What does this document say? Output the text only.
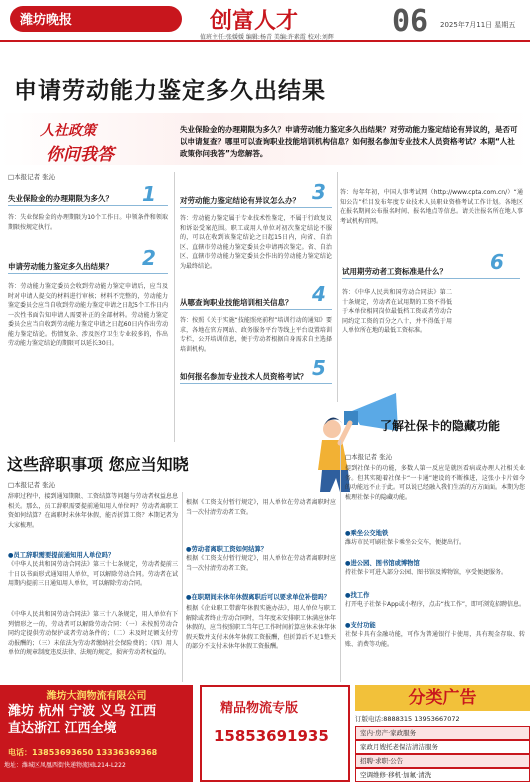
潍坊晚报	创富人才	06 2025年7月11日 星期五
值班主任:张媛媛 编辑:杨青 美编:许素霞 校对:刘辉
申请劳动能力鉴定多久出结果
人社政策
你问我答
失业保险金的办理期限为多久？申请劳动能力鉴定多久出结果？对劳动能力鉴定结论有异议的，是否可以申请复查？哪里可以查询职业技能培训机构信息？如何报名参加专业技术人员资格考试？本期“人社政策你问我答”为您解答。
□本报记者 张沁
1
失业保险金的办理期限为多久？
答：失业保险金的办理期限为10个工作日。申领条件和领取期限按规定执行。
2
申请劳动能力鉴定多久出结果？
答：劳动能力鉴定委员会收到劳动能力鉴定申请后，应当及时对申请人提交的材料进行审核；材料不完整的，劳动能力鉴定委员会应当自收到劳动能力鉴定申请之日起5个工作日内一次性书面告知申请人需要补正的全部材料。劳动能力鉴定委员会应当自收到劳动能力鉴定申请之日起60日内作出劳动能力鉴定结论。伤情复杂、涉及医疗卫生专业较多的，作出劳动能力鉴定结论的期限可以延长30日。
3
对劳动能力鉴定结论有异议怎么办？
答：劳动能力鉴定属于专业技术性鉴定，不属于行政复议和诉讼受案范围。职工或用人单位对初次鉴定结论不服的，可以在收到该鉴定结论之日起15日内，向省、自治区、直辖市劳动能力鉴定委员会申请再次鉴定。省、自治区、直辖市劳动能力鉴定委员会作出的劳动能力鉴定结论为最终结论。
4
从哪查询职业技能培训相关信息？
答：按照《关于实施“技能照亮前程”培训行动的通知》要求，各地在官方网站、政务服务平台等线上平台设置培训专栏，公开培训信息，便于劳动者根据自身需求自主选择培训机构。
5
如何报名参加专业技术人员资格考试？
答：每年年初，中国人事考试网（http://www.cpta.com.cn/）“通知公告”栏目发布年度专业技术人员职业资格考试工作计划。各地区在报名期间公布报名时间、报名地点等信息。请关注报名所在地人事考试机构官网。
6
试用期劳动者工资标准是什么？
答：《中华人民共和国劳动合同法》第二十条规定，劳动者在试用期的工资不得低于本单位相同岗位最低档工资或者劳动合同约定工资的百分之八十，并不得低于用人单位所在地的最低工资标准。
这些辞职事项 您应当知晓
□本报记者 张沁
辞职过程中，接到通知期限、工资结算等问题与劳动者权益息息相关。那么，员工辞职需要提前通知用人单位吗？劳动者离职工资如何结算？在离职时未休年休假，能否折算工资？本期记者为大家梳理。
●员工辞职需要提前通知用人单位吗？
《中华人民共和国劳动合同法》第三十七条规定，劳动者提前三十日以书面形式通知用人单位，可以解除劳动合同。劳动者在试用期内提前三日通知用人单位，可以解除劳动合同。
《中华人民共和国劳动合同法》第三十八条规定，用人单位有下列情形之一的，劳动者可以解除劳动合同：（一）未按照劳动合同约定提供劳动保护或者劳动条件的；（二）未及时足额支付劳动报酬的；（三）未依法为劳动者缴纳社会保险费的；（四）用人单位的规章制度违反法律、法规的规定，损害劳动者权益的。
根据《工资支付暂行规定》，用人单位在劳动者离职时应当一次付清劳动者工资。
●劳动者离职工资如何结算？
根据《工资支付暂行规定》，用人单位在劳动者离职时应当一次付清劳动者工资。
●在职期间未休年休假离职后可以要求单位补偿吗？
根据《企业职工带薪年休假实施办法》，用人单位与职工解除或者终止劳动合同时，当年度未安排职工休满应休年休假的，应当按照职工当年已工作时间折算应休未休年休假天数并支付未休年休假工资报酬，但折算后不足1整天的部分不支付未休年休假工资报酬。
了解社保卡的隐藏功能
□本报记者 张沁
提到社保卡的功能，多数人第一反应是就医看病或办理人社相关业务。但其实随着社保卡“一卡通”建设的不断推进，这张小卡片如今的功能远不止于此。可以说已经融入我们生活的方方面面。本期为您梳理社保卡的隐藏功能。
●乘坐公交地铁
潍坊市民可刷社保卡乘坐公交车，便捷出行。
●进公园、图书馆或博物馆
持社保卡可进入部分公园、图书馆及博物馆，享受便捷服务。
●找工作
打开电子社保卡App或小程序，点击“找工作”，即可浏览招聘信息。
●支付功能
社保卡具有金融功能，可作为普通银行卡使用，具有现金存取、转账、消费等功能。
潍坊大润物流有限公司
潍坊 杭州 宁波 义乌 江西
直达浙江 江西全境
电话：13853693650 13336369368
地址：潍城区凤凰西街快递物流园L214-L222
精品物流专版
15853691935
分类广告
订版电话:8888315 13953667072
室内·房产·家政服务
家政月嫂托老保洁清洁服务
招聘·求职·公告
空调维修·移机·加氟·清洗
